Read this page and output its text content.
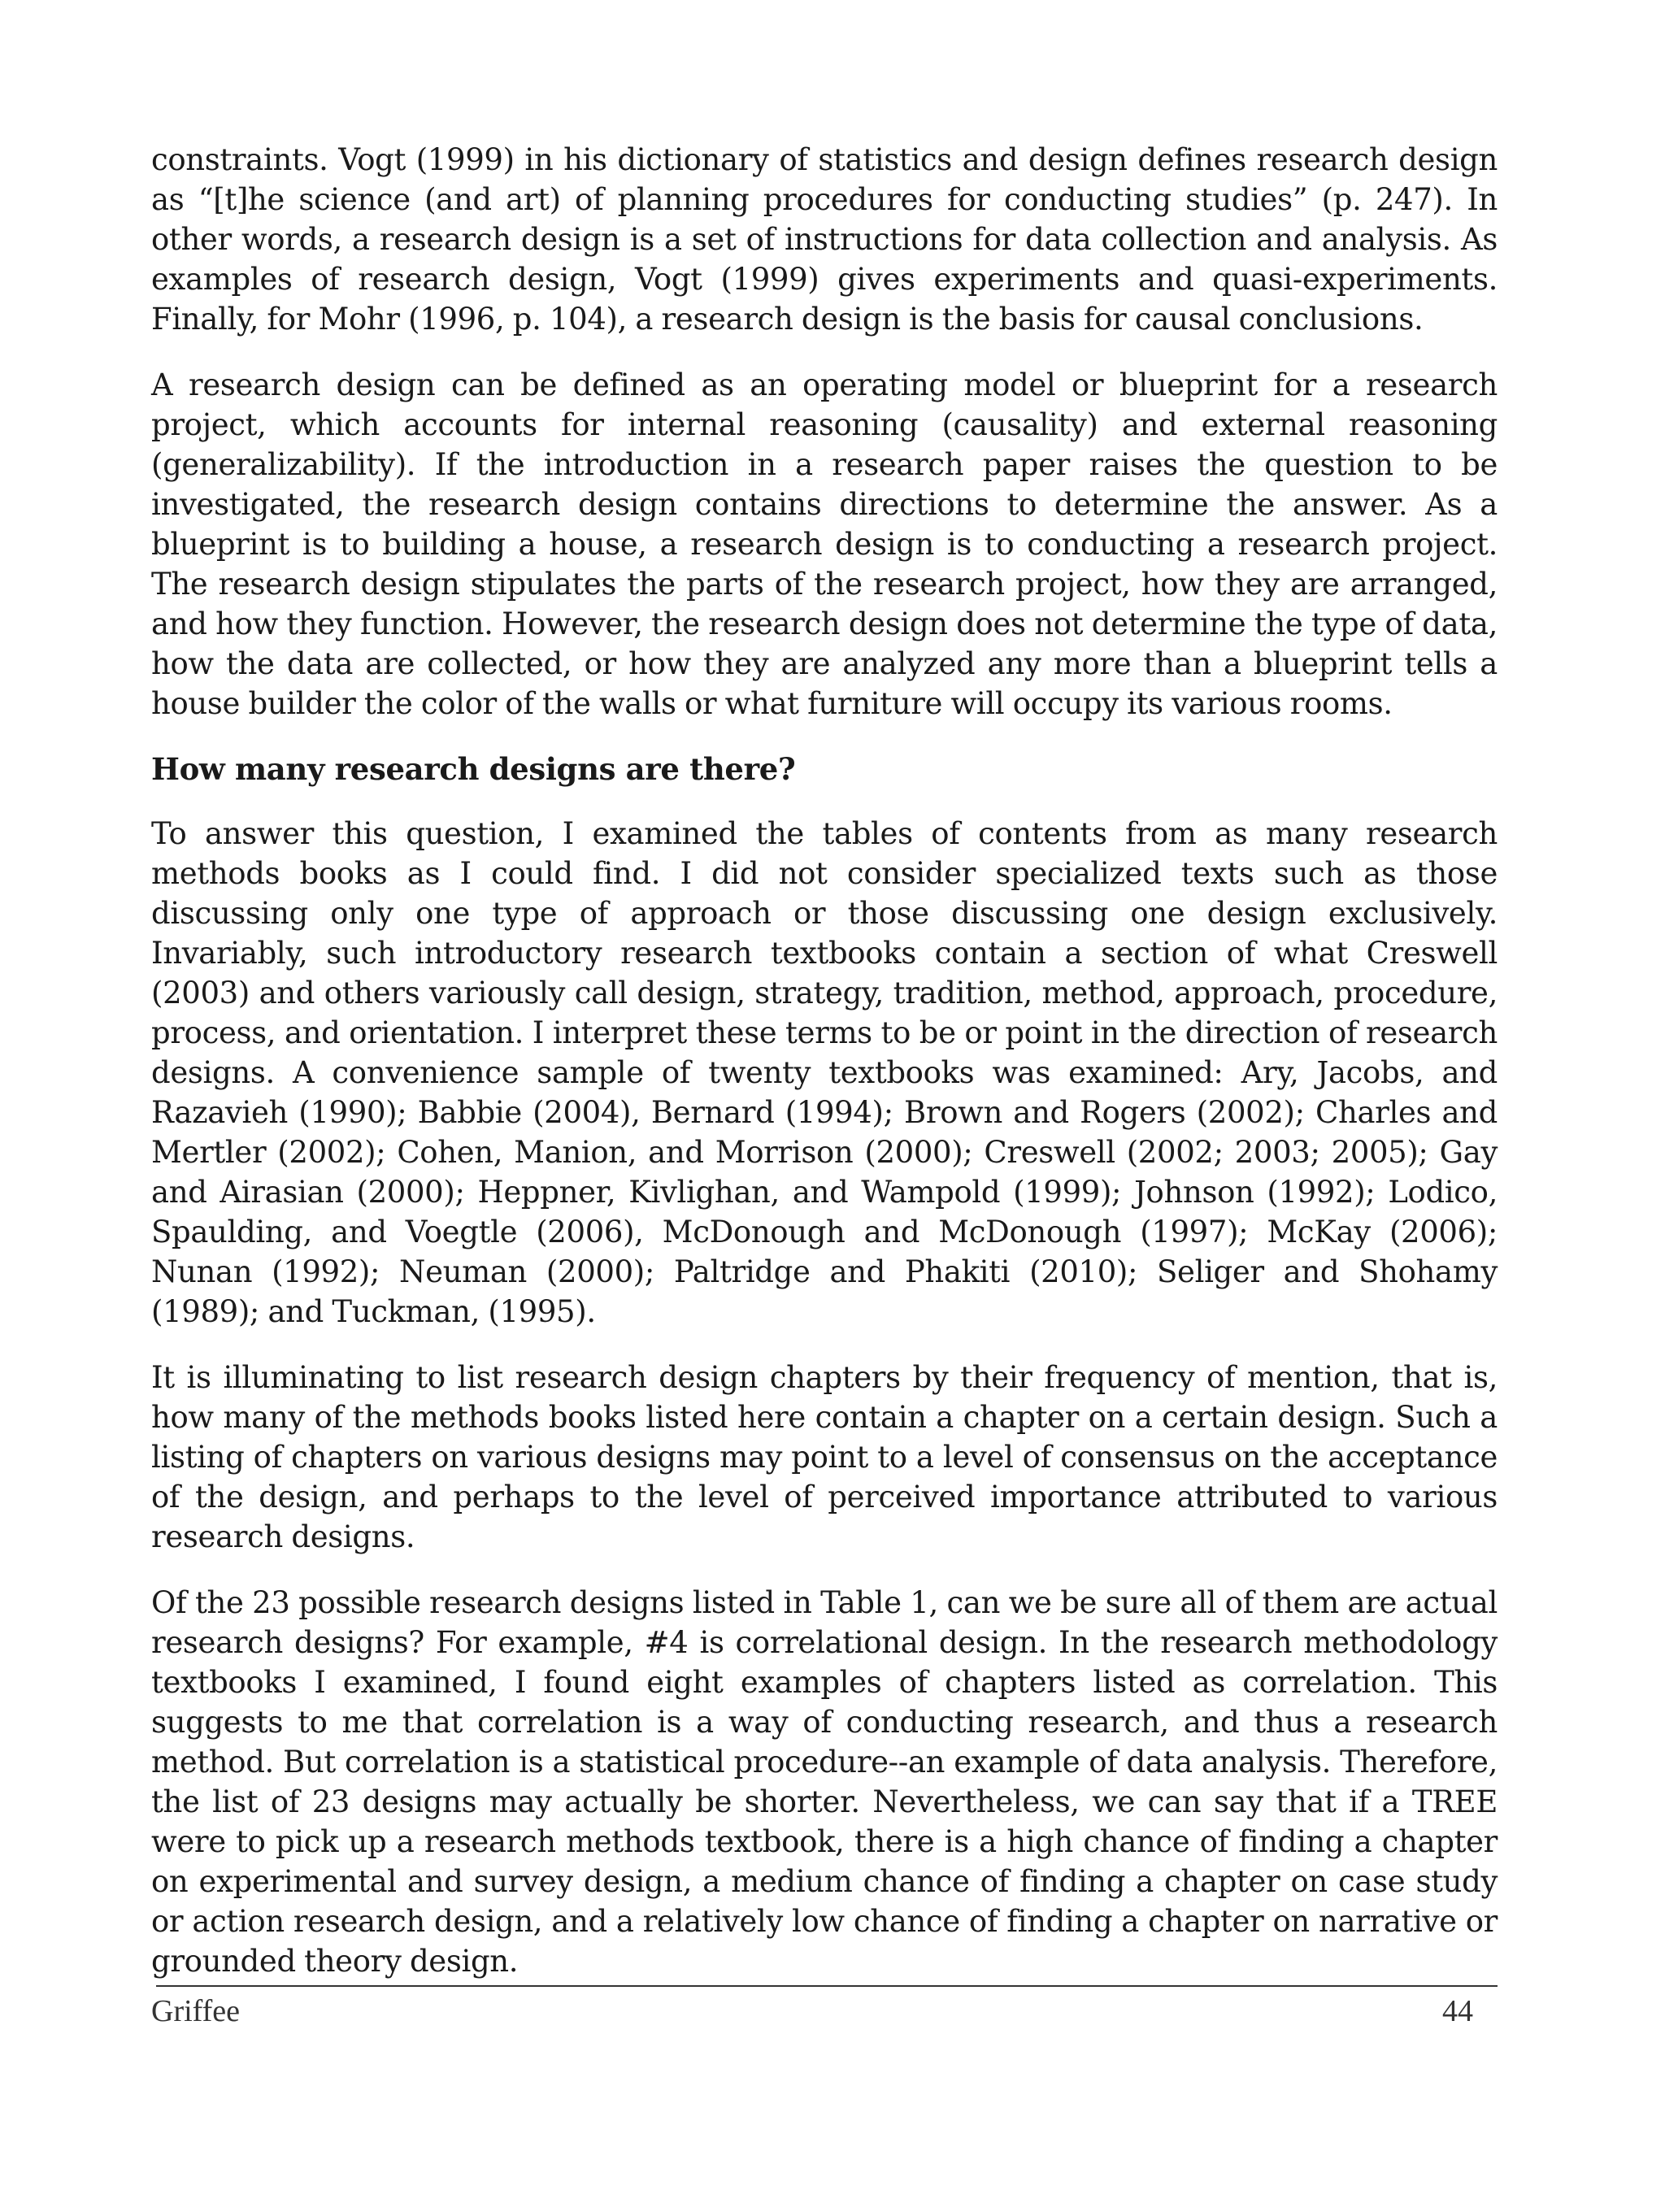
constraints. Vogt (1999) in his dictionary of statistics and design defines research design as “[t]he science (and art) of planning procedures for conducting studies” (p. 247). In other words, a research design is a set of instructions for data collection and analysis. As examples of research design, Vogt (1999) gives experiments and quasi-experiments. Finally, for Mohr (1996, p. 104), a research design is the basis for causal conclusions.

A research design can be defined as an operating model or blueprint for a research project, which accounts for internal reasoning (causality) and external reasoning (generalizability). If the introduction in a research paper raises the question to be investigated, the research design contains directions to determine the answer. As a blueprint is to building a house, a research design is to conducting a research project. The research design stipulates the parts of the research project, how they are arranged, and how they function. However, the research design does not determine the type of data, how the data are collected, or how they are analyzed any more than a blueprint tells a house builder the color of the walls or what furniture will occupy its various rooms.

How many research designs are there?

To answer this question, I examined the tables of contents from as many research methods books as I could find. I did not consider specialized texts such as those discussing only one type of approach or those discussing one design exclusively. Invariably, such introductory research textbooks contain a section of what Creswell (2003) and others variously call design, strategy, tradition, method, approach, procedure, process, and orientation. I interpret these terms to be or point in the direction of research designs. A convenience sample of twenty textbooks was examined: Ary, Jacobs, and Razavieh (1990); Babbie (2004), Bernard (1994); Brown and Rogers (2002); Charles and Mertler (2002); Cohen, Manion, and Morrison (2000); Creswell (2002; 2003; 2005); Gay and Airasian (2000); Heppner, Kivlighan, and Wampold (1999); Johnson (1992); Lodico, Spaulding, and Voegtle (2006), McDonough and McDonough (1997); McKay (2006); Nunan (1992); Neuman (2000); Paltridge and Phakiti (2010); Seliger and Shohamy (1989); and Tuckman, (1995).

It is illuminating to list research design chapters by their frequency of mention, that is, how many of the methods books listed here contain a chapter on a certain design. Such a listing of chapters on various designs may point to a level of consensus on the acceptance of the design, and perhaps to the level of perceived importance attributed to various research designs.

Of the 23 possible research designs listed in Table 1, can we be sure all of them are actual research designs? For example, #4 is correlational design. In the research methodology textbooks I examined, I found eight examples of chapters listed as correlation. This suggests to me that correlation is a way of conducting research, and thus a research method. But correlation is a statistical procedure--an example of data analysis. Therefore, the list of 23 designs may actually be shorter. Nevertheless, we can say that if a TREE were to pick up a research methods textbook, there is a high chance of finding a chapter on experimental and survey design, a medium chance of finding a chapter on case study or action research design, and a relatively low chance of finding a chapter on narrative or grounded theory design.

Griffee	44
